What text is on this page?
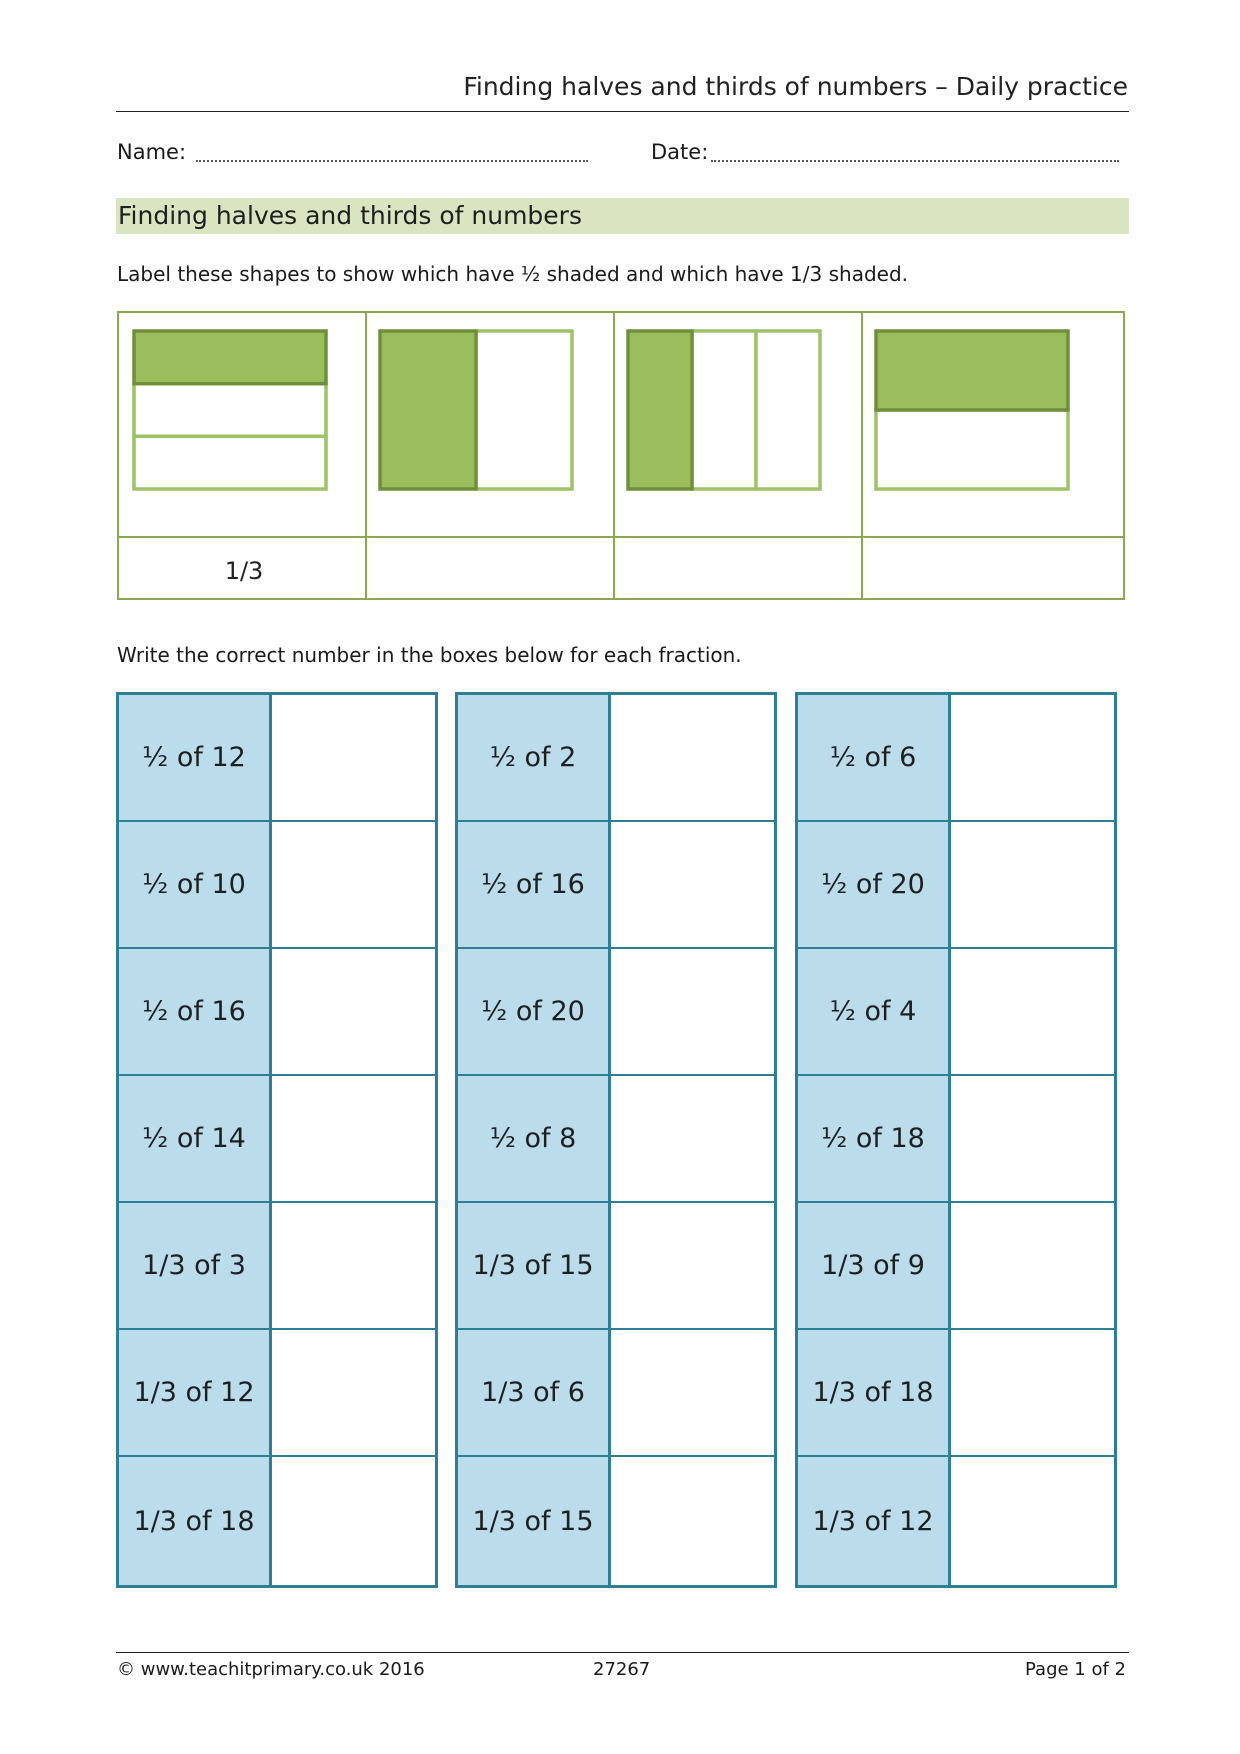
Finding halves and thirds of numbers – Daily practice
Name:	Date:
Finding halves and thirds of numbers
Label these shapes to show which have ½ shaded and which have 1/3 shaded.
1/3
Write the correct number in the boxes below for each fraction.
½ of 12
½ of 10
½ of 16
½ of 14
1/3 of 3
1/3 of 12
1/3 of 18
½ of 2
½ of 16
½ of 20
½ of 8
1/3 of 15
1/3 of 6
1/3 of 15
½ of 6
½ of 20
½ of 4
½ of 18
1/3 of 9
1/3 of 18
1/3 of 12
© www.teachitprimary.co.uk 2016	27267	Page 1 of 2
